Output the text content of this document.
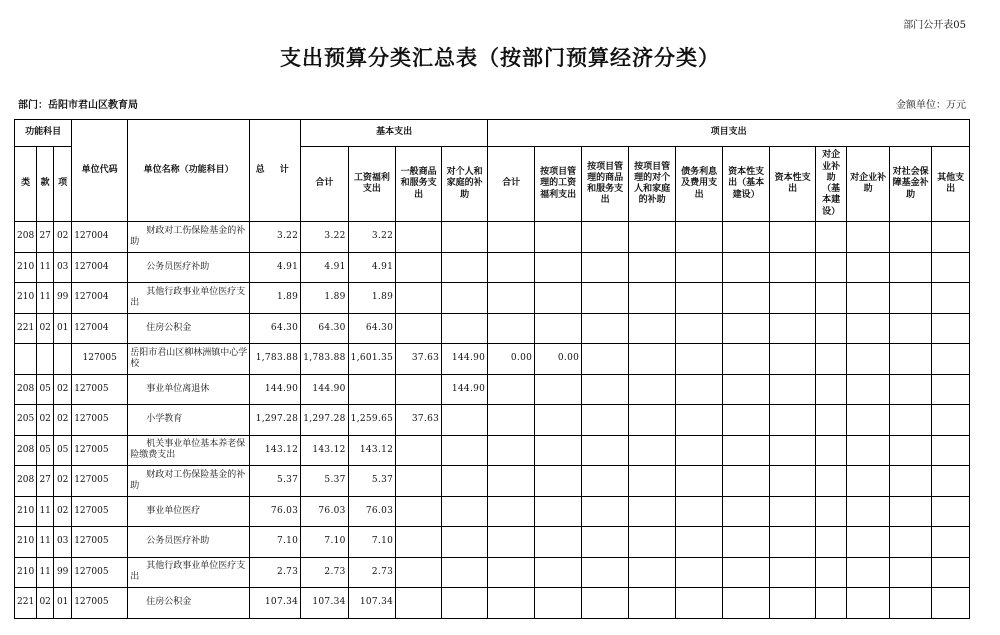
部门公开表05
支出预算分类汇总表（按部门预算经济分类）
部门：岳阳市君山区教育局	金额单位：万元
功能科目			单位代码	单位名称（功能科目）	总 计	基本支出				项目支出										
类	款	项				合计	工资福利支出	一般商品和服务支出	对个人和家庭的补助	合计	按项目管理的工资福利支出	按项目管理的商品和服务支出	按项目管理的对个人和家庭的补助	债务利息及费用支出	资本性支出（基本建设）	资本性支出	对企业补助（基本建设）	对企业补助	对社会保障基金补助	其他支出
208	27	02	127004	财政对工伤保险基金的补助	3.22	3.22	3.22													
210	11	03	127004	公务员医疗补助	4.91	4.91	4.91													
210	11	99	127004	其他行政事业单位医疗支出	1.89	1.89	1.89													
221	02	01	127004	住房公积金	64.30	64.30	64.30													
			127005	岳阳市君山区柳林洲镇中心学校	1,783.88	1,783.88	1,601.35	37.63	144.90	0.00	0.00									
208	05	02	127005	事业单位离退休	144.90	144.90			144.90											
205	02	02	127005	小学教育	1,297.28	1,297.28	1,259.65	37.63												
208	05	05	127005	机关事业单位基本养老保险缴费支出	143.12	143.12	143.12													
208	27	02	127005	财政对工伤保险基金的补助	5.37	5.37	5.37													
210	11	02	127005	事业单位医疗	76.03	76.03	76.03													
210	11	03	127005	公务员医疗补助	7.10	7.10	7.10													
210	11	99	127005	其他行政事业单位医疗支出	2.73	2.73	2.73													
221	02	01	127005	住房公积金	107.34	107.34	107.34													
